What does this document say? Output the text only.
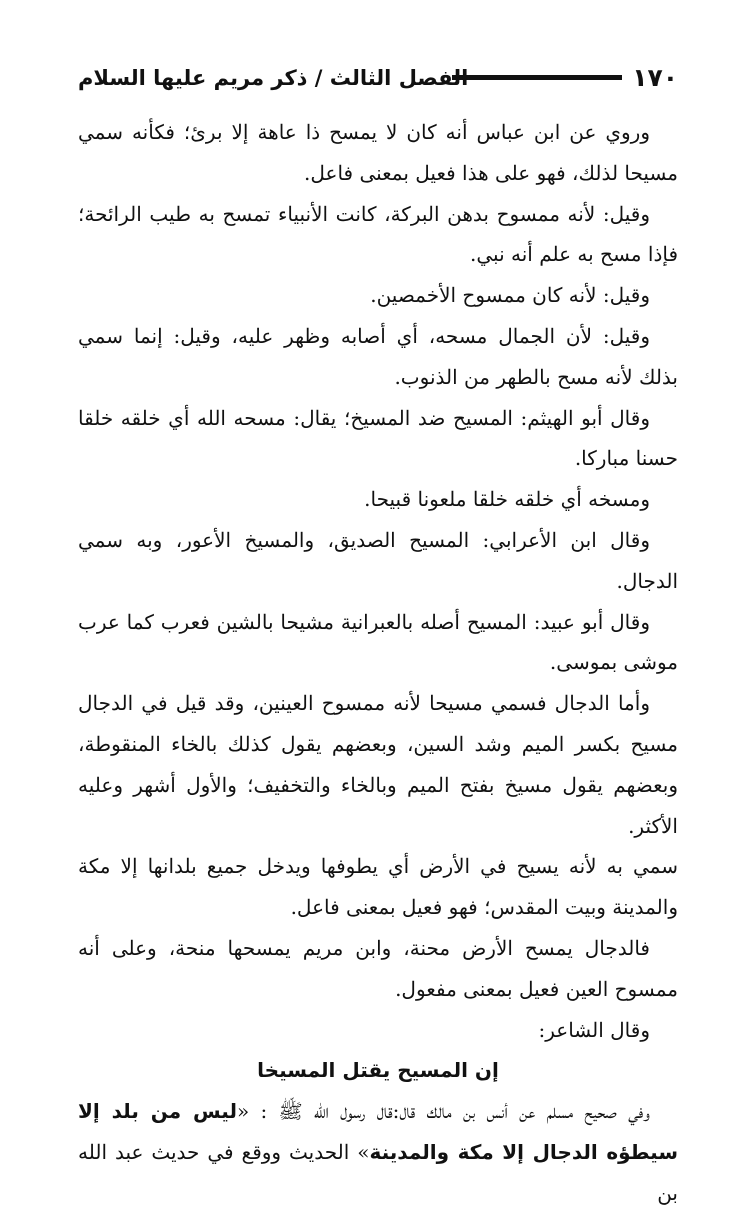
١٧٠
الفصل الثالث / ذكر مريم عليها السلام

وروي عن ابن عباس أنه كان لا يمسح ذا عاهة إلا برئ؛ فكأنه سمي مسيحا لذلك، فهو على هذا فعيل بمعنى فاعل.

وقيل: لأنه ممسوح بدهن البركة، كانت الأنبياء تمسح به طيب الرائحة؛ فإذا مسح به علم أنه نبي.

وقيل: لأنه كان ممسوح الأخمصين.

وقيل: لأن الجمال مسحه، أي أصابه وظهر عليه، وقيل: إنما سمي بذلك لأنه مسح بالطهر من الذنوب.

وقال أبو الهيثم: المسيح ضد المسيخ؛ يقال: مسحه الله أي خلقه خلقا حسنا مباركا.

ومسخه أي خلقه خلقا ملعونا قبيحا.

وقال ابن الأعرابي: المسيح الصديق، والمسيخ الأعور، وبه سمي الدجال.

وقال أبو عبيد: المسيح أصله بالعبرانية مشيحا بالشين فعرب كما عرب موشى بموسى.

وأما الدجال فسمي مسيحا لأنه ممسوح العينين، وقد قيل في الدجال مسيح بكسر الميم وشد السين، وبعضهم يقول كذلك بالخاء المنقوطة، وبعضهم يقول مسيخ بفتح الميم وبالخاء والتخفيف؛ والأول أشهر وعليه الأكثر.

سمي به لأنه يسيح في الأرض أي يطوفها ويدخل جميع بلدانها إلا مكة والمدينة وبيت المقدس؛ فهو فعيل بمعنى فاعل.

فالدجال يمسح الأرض محنة، وابن مريم يمسحها منحة، وعلى أنه ممسوح العين فعيل بمعنى مفعول.

وقال الشاعر:

إن المسيح يقتل المسيخا

وفي صحيح مسلم عن أنس بن مالك قال:قال رسول الله ﷺ : «ليس من بلد إلا سيطؤه الدجال إلا مكة والمدينة» الحديث ووقع في حديث عبد الله بن
